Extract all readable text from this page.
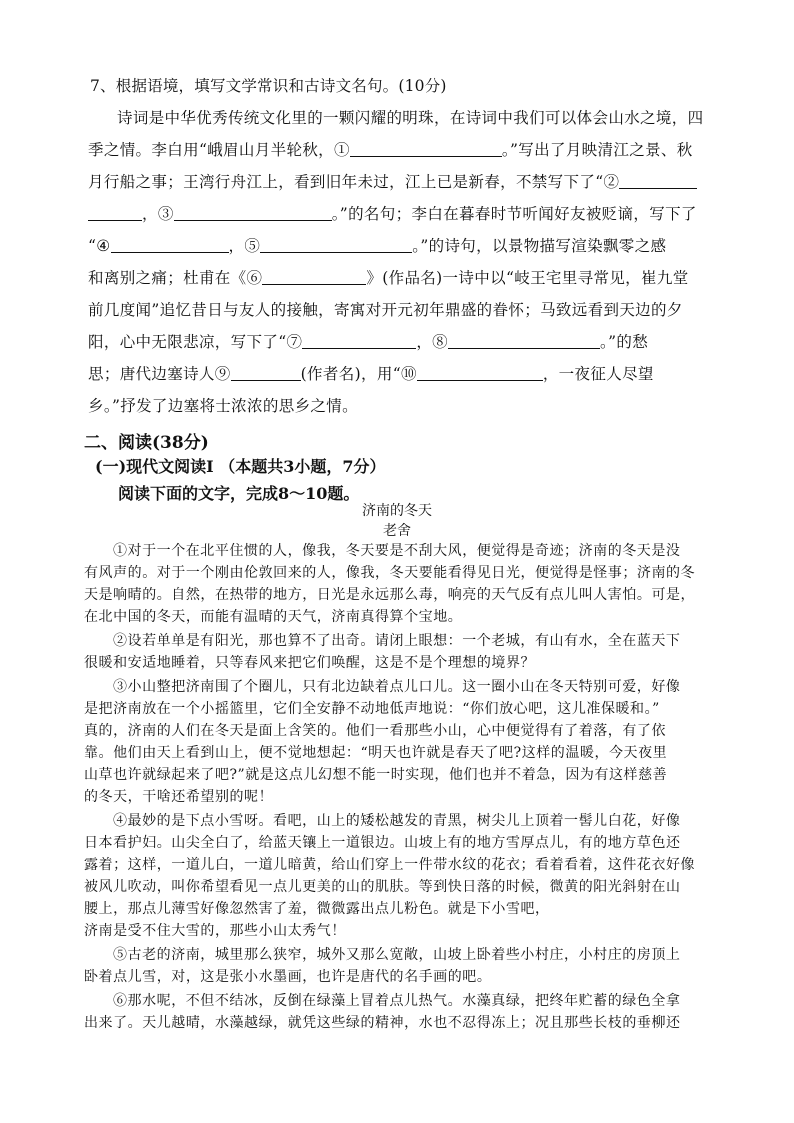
7、根据语境，填写文学常识和古诗文名句。(10分)
诗词是中华优秀传统文化里的一颗闪耀的明珠，在诗词中我们可以体会山水之境，四
季之情。李白用“峨眉山月半轮秋，①	。”写出了月映清江之景、秋
月行船之事；王湾行舟江上，看到旧年未过，江上已是新春，不禁写下了“②
，③	。”的名句；李白在暮春时节听闻好友被贬谪，写下了
“④	，⑤	。”的诗句，以景物描写渲染飘零之感
和离别之痛；杜甫在《⑥	》(作品名)一诗中以“岐王宅里寻常见，崔九堂
前几度闻”追忆昔日与友人的接触，寄寓对开元初年鼎盛的眷怀；马致远看到天边的夕
阳，心中无限悲凉，写下了“⑦	，⑧	。”的愁
思；唐代边塞诗人⑨	(作者名)，用“⑩	，一夜征人尽望
乡。”抒发了边塞将士浓浓的思乡之情。
二、阅读(38分)
(一)现代文阅读Ⅰ （本题共3小题，7分）
阅读下面的文字，完成8～10题。
济南的冬天
老舍
①对于一个在北平住惯的人，像我，冬天要是不刮大风，便觉得是奇迹；济南的冬天是没
有风声的。对于一个刚由伦敦回来的人，像我，冬天要能看得见日光，便觉得是怪事；济南的冬
天是响晴的。自然，在热带的地方，日光是永远那么毒，响亮的天气反有点儿叫人害怕。可是，
在北中国的冬天，而能有温晴的天气，济南真得算个宝地。
②设若单单是有阳光，那也算不了出奇。请闭上眼想：一个老城，有山有水，全在蓝天下
很暖和安适地睡着，只等春风来把它们唤醒，这是不是个理想的境界？
③小山整把济南围了个圈儿，只有北边缺着点儿口儿。这一圈小山在冬天特别可爱，好像
是把济南放在一个小摇篮里，它们全安静不动地低声地说：“你们放心吧，这儿准保暖和。”
真的，济南的人们在冬天是面上含笑的。他们一看那些小山，心中便觉得有了着落，有了依
靠。他们由天上看到山上，便不觉地想起：“明天也许就是春天了吧?这样的温暖，今天夜里
山草也许就绿起来了吧?”就是这点儿幻想不能一时实现，他们也并不着急，因为有这样慈善
的冬天，干啥还希望别的呢！
④最妙的是下点小雪呀。看吧，山上的矮松越发的青黑，树尖儿上顶着一髻儿白花，好像
日本看护妇。山尖全白了，给蓝天镶上一道银边。山坡上有的地方雪厚点儿，有的地方草色还
露着；这样，一道儿白，一道儿暗黄，给山们穿上一件带水纹的花衣；看着看着，这件花衣好像
被风儿吹动，叫你希望看见一点儿更美的山的肌肤。等到快日落的时候，微黄的阳光斜射在山
腰上，那点儿薄雪好像忽然害了羞，微微露出点儿粉色。就是下小雪吧，
济南是受不住大雪的，那些小山太秀气！
⑤古老的济南，城里那么狭窄，城外又那么宽敞，山坡上卧着些小村庄，小村庄的房顶上
卧着点儿雪，对，这是张小水墨画，也许是唐代的名手画的吧。
⑥那水呢，不但不结冰，反倒在绿藻上冒着点儿热气。水藻真绿，把终年贮蓄的绿色全拿
出来了。天儿越晴，水藻越绿，就凭这些绿的精神，水也不忍得冻上；况且那些长枝的垂柳还
